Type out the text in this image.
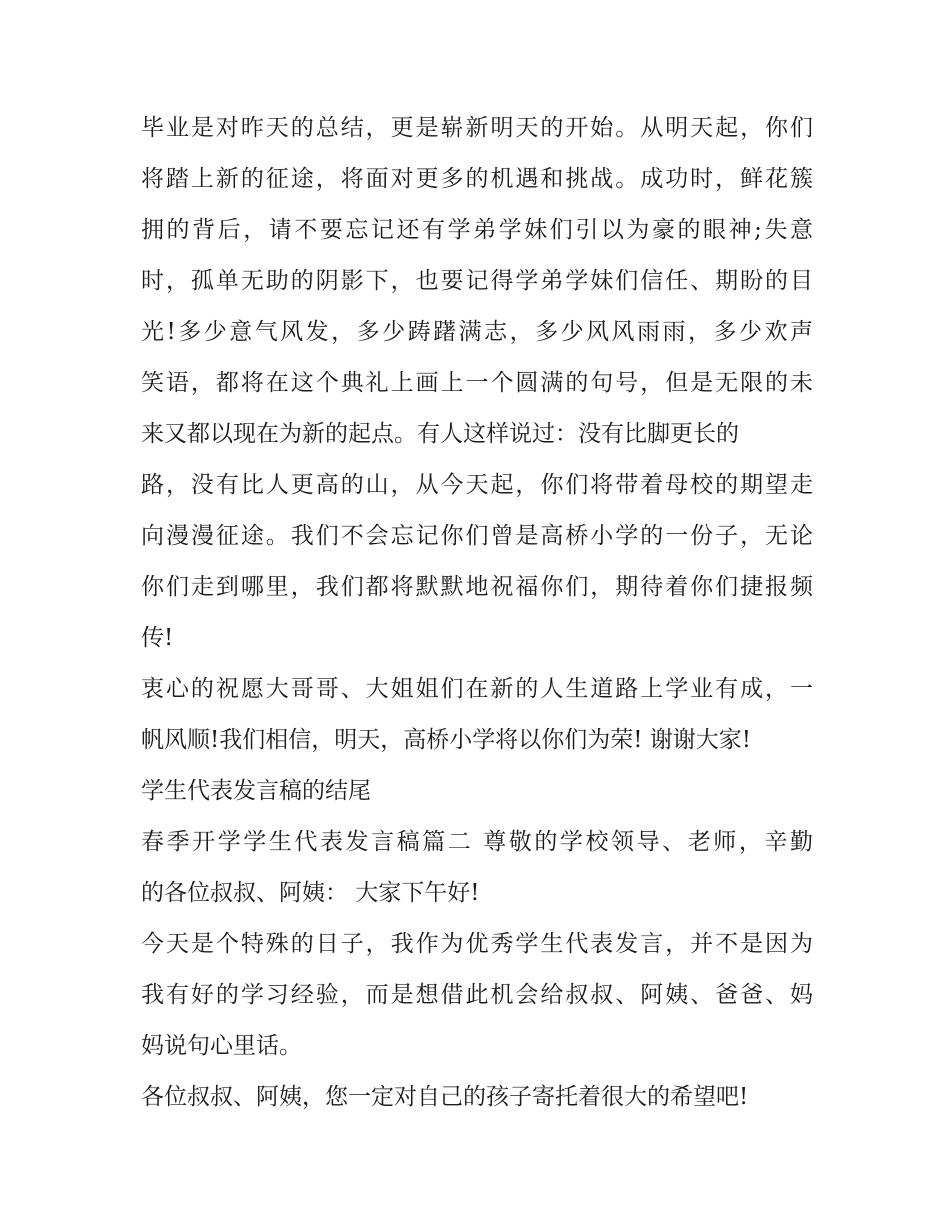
毕业是对昨天的总结，更是崭新明天的开始。从明天起，你们
将踏上新的征途，将面对更多的机遇和挑战。成功时，鲜花簇
拥的背后，请不要忘记还有学弟学妹们引以为豪的眼神;失意
时，孤单无助的阴影下，也要记得学弟学妹们信任、期盼的目
光!多少意气风发，多少踌躇满志，多少风风雨雨，多少欢声
笑语，都将在这个典礼上画上一个圆满的句号，但是无限的未
来又都以现在为新的起点。有人这样说过：没有比脚更长的
路，没有比人更高的山，从今天起，你们将带着母校的期望走
向漫漫征途。我们不会忘记你们曾是高桥小学的一份子，无论
你们走到哪里，我们都将默默地祝福你们，期待着你们捷报频
传!
衷心的祝愿大哥哥、大姐姐们在新的人生道路上学业有成，一
帆风顺!我们相信，明天，高桥小学将以你们为荣! 谢谢大家!
学生代表发言稿的结尾
春季开学学生代表发言稿篇二 尊敬的学校领导、老师，辛勤
的各位叔叔、阿姨： 大家下午好!
今天是个特殊的日子，我作为优秀学生代表发言，并不是因为
我有好的学习经验，而是想借此机会给叔叔、阿姨、爸爸、妈
妈说句心里话。
各位叔叔、阿姨，您一定对自己的孩子寄托着很大的希望吧!
